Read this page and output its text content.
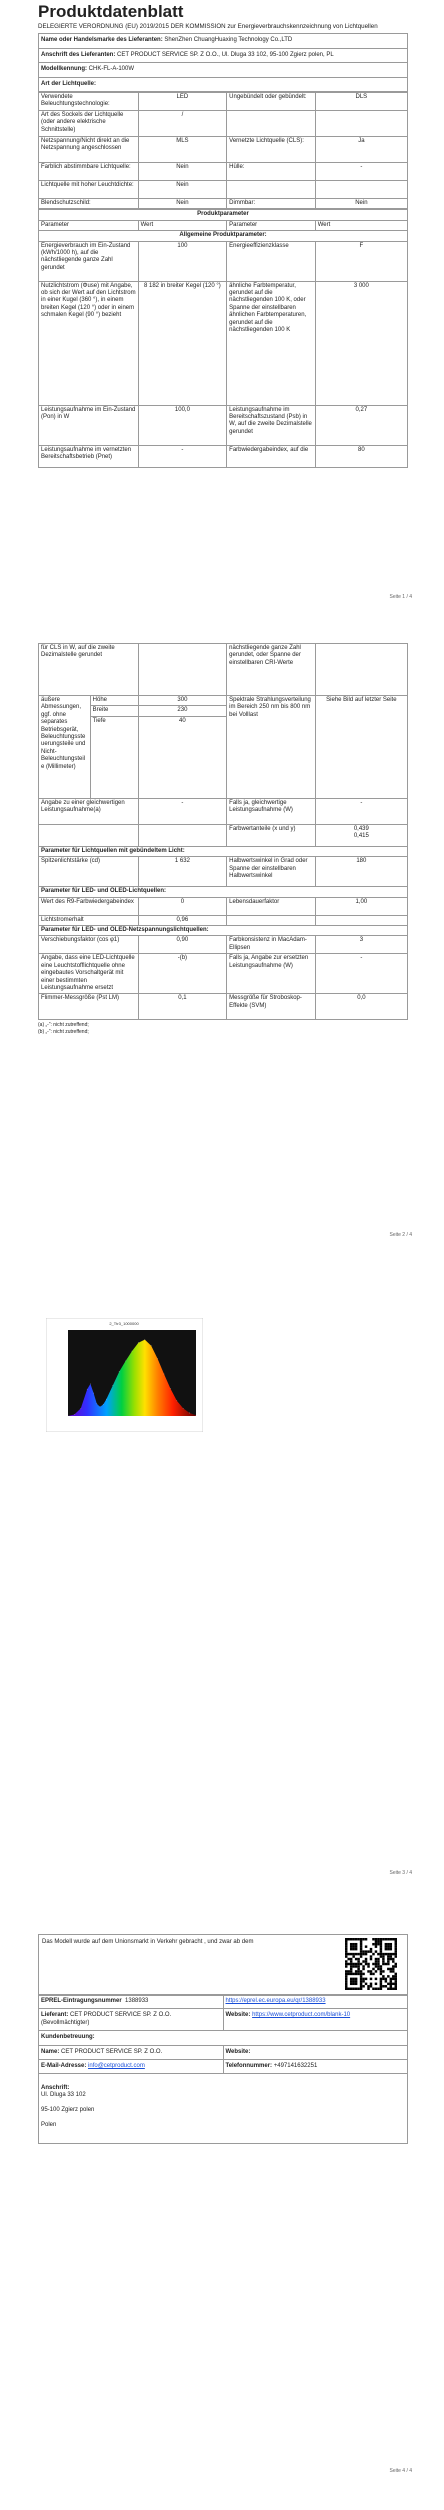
Produktdatenblatt
DELEGIERTE VERORDNUNG (EU) 2019/2015 DER KOMMISSION zur Energieverbrauchskennzeichnung von Lichtquellen
Name oder Handelsmarke des Lieferanten: ShenZhen ChuangHuaxing Technology Co.,LTD
Anschrift des Lieferanten: CET PRODUCT SERVICE SP. Z O.O., Ul. Dluga 33 102, 95-100 Zgierz polen, PL
Modellkennung: CHK-FL-A-100W
Art der Lichtquelle:
Verwendete Beleuchtungstechnologie:	LED	Ungebündelt oder gebündelt:	DLS
Art des Sockels der Lichtquelle (oder andere elektrische Schnittstelle)	/		
Netzspannung/Nicht direkt an die Netzspannung angeschlossen	MLS	Vernetzte Lichtquelle (CLS):	Ja
Farblich abstimmbare Lichtquelle:	Nein	Hülle:	-
Lichtquelle mit hoher Leuchtdichte:	Nein		
Blendschutzschild:	Nein	Dimmbar:	Nein
Produktparameter			
Parameter	Wert	Parameter	Wert
Allgemeine Produktparameter:			
Energieverbrauch im Ein-Zustand (kWh/1000 h), auf die nächstliegende ganze Zahl gerundet	100	Energieeffizienzklasse	F
Nutzlichtstrom (Φuse) mit Angabe, ob sich der Wert auf den Lichtstrom in einer Kugel (360 °), in einem breiten Kegel (120 °) oder in einem schmalen Kegel (90 °) bezieht	8 182 in breiter Kegel (120 °)	ähnliche Farbtemperatur, gerundet auf die nächstliegenden 100 K, oder Spanne der einstellbaren ähnlichen Farbtemperaturen, gerundet auf die nächstliegenden 100 K	3 000
Leistungsaufnahme im Ein-Zustand (Pon) in W	100,0	Leistungsaufnahme im Bereitschaftszustand (Psb) in W, auf die zweite Dezimalstelle gerundet	0,27
Leistungsaufnahme im vernetzten Bereitschaftsbetrieb (Pnet)	-	Farbwiedergabeindex, auf die	80
Seite 1 / 4
für CLS in W, auf die zweite Dezimalstelle gerundet			nächstliegende ganze Zahl gerundet, oder Spanne der einstellbaren CRI-Werte	
äußere Abmessungen, ggf. ohne separates Betriebsgerät, Beleuchtungssteuerungsteile und Nicht-Beleuchtungsteile (Millimeter)	Höhe	300	Spektrale Strahlungsverteilung im Bereich 250 nm bis 800 nm bei Volllast	Siehe Bild auf letzter Seite
	Breite	230		
	Tiefe	40		
Angabe zu einer gleichwertigen Leistungsaufnahme(a)		-	Falls ja, gleichwertige Leistungsaufnahme (W)	-
			Farbwertanteile (x und y)	0,439
0,415
Parameter für Lichtquellen mit gebündeltem Licht:				
Spitzenlichtstärke (cd)		1 632	Halbwertswinkel in Grad oder Spanne der einstellbaren Halbwertswinkel	180
Parameter für LED- und OLED-Lichtquellen:				
Wert des R9-Farbwiedergabeindex		0	Lebensdauerfaktor	1,00
Lichtstromerhalt		0,96		
Parameter für LED- und OLED-Netzspannungslichtquellen:				
Verschiebungsfaktor (cos φ1)		0,90	Farbkonsistenz in MacAdam-Ellipsen	3
Angabe, dass eine LED-Lichtquelle eine Leuchtstofflichtquelle ohne eingebautes Vorschaltgerät mit einer bestimmten Leistungsaufnahme ersetzt		-(b)	Falls ja, Angabe zur ersetzten Leistungsaufnahme (W)	-
Flimmer-Messgröße (Pst LM)		0,1	Messgröße für Stroboskop-Effekte (SVM)	0,0
(a) „-“: nicht zutreffend;
(b) „-“: nicht zutreffend;
Seite 2 / 4
2_Ttr3_1000000
Seite 3 / 4
Das Modell wurde auf dem Unionsmarkt in Verkehr gebracht , und zwar ab dem
EPREL-Eintragungsnummer 1388933	https://eprel.ec.europa.eu/qr/1388933
Lieferant: CET PRODUCT SERVICE SP. Z O.O. (Bevollmächtigter)	Website: https://www.cetproduct.com/blank-10
Kundenbetreuung:	
Name: CET PRODUCT SERVICE SP. Z O.O.	Website:
E-Mail-Adresse: info@cetproduct.com	Telefonnummer: +497141632251

Anschrift:

Ul. Dluga 33 102

95-100 Zgierz polen

Polen	

Seite 4 / 4
